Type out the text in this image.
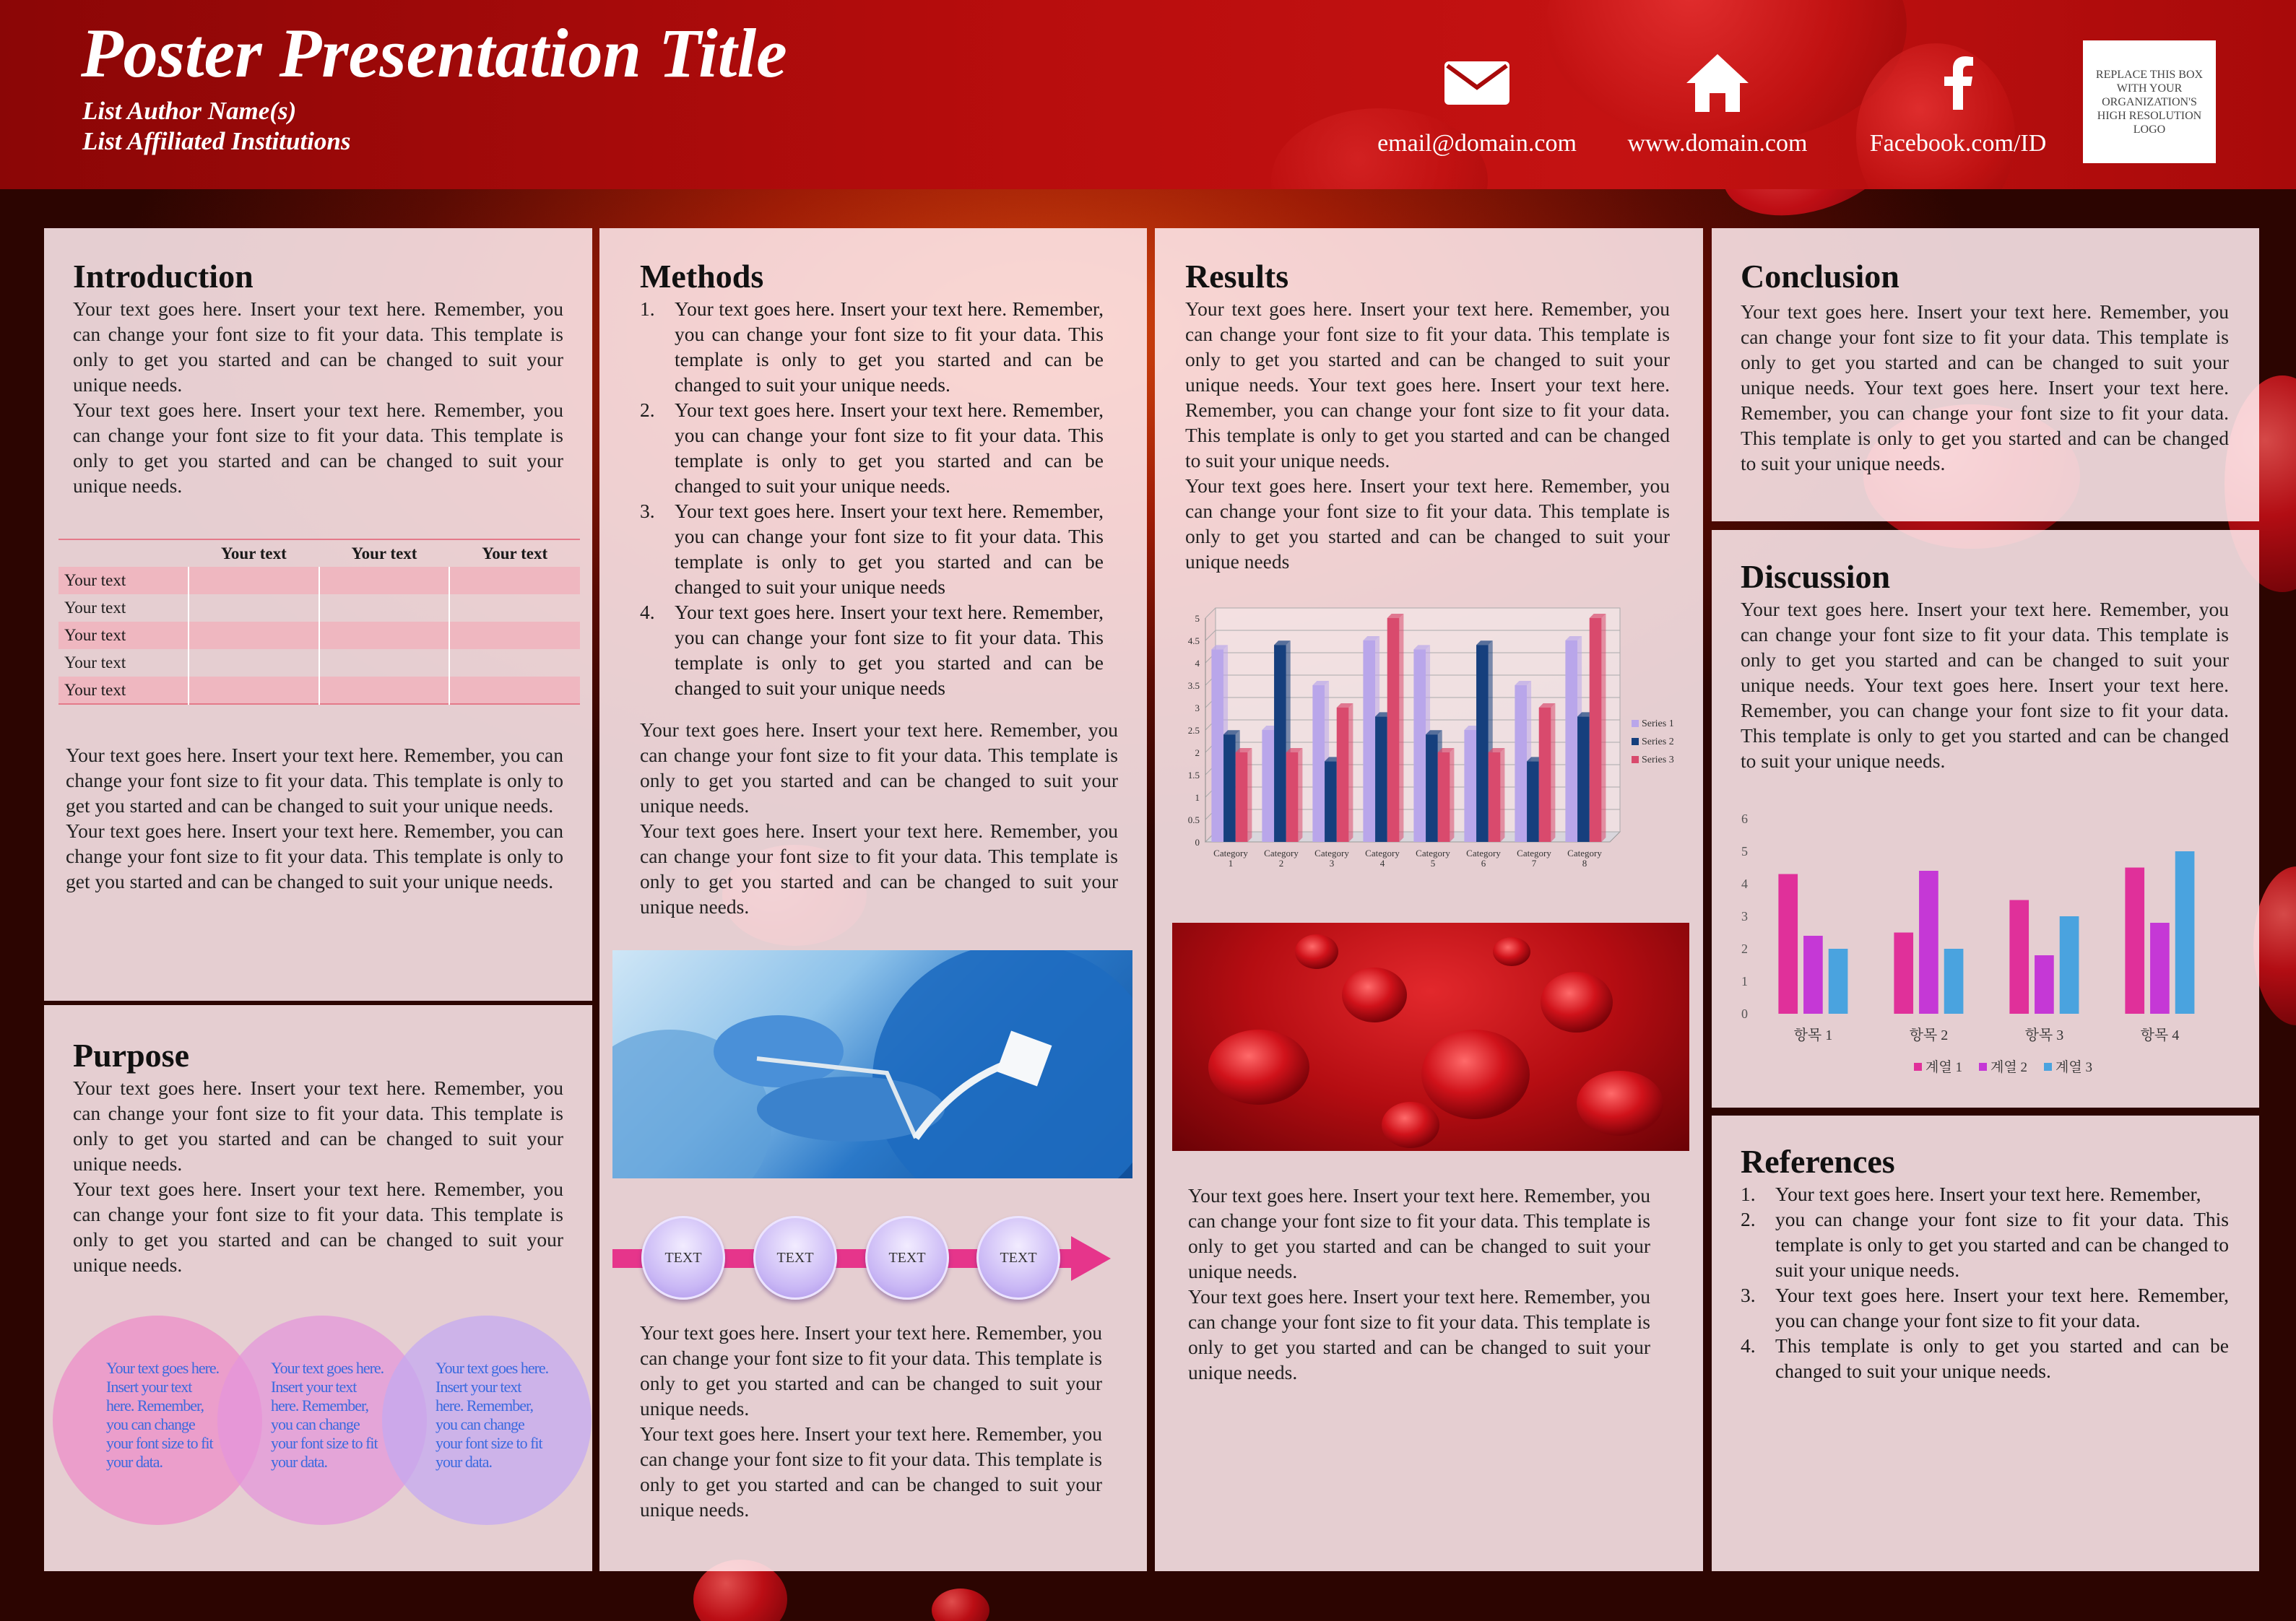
Poster Presentation Title
List Author Name(s)
List Affiliated Institutions	email@domain.com	www.domain.com	Facebook.com/ID
REPLACE THIS BOX WITH YOUR ORGANIZATION'S HIGH RESOLUTION LOGO
Introduction
Your text goes here. Insert your text here. Remember, you can change your font size to fit your data. This template is only to get you started and can be changed to suit your unique needs.
Your text goes here. Insert your text here. Remember, you can change your font size to fit your data. This template is only to get you started and can be changed to suit your unique needs.
	Your text	Your text	Your text
Your text			
Your text			
Your text			
Your text			
Your text			
Your text goes here. Insert your text here. Remember, you can change your font size to fit your data. This template is only to get you started and can be changed to suit your unique needs.
Your text goes here. Insert your text here. Remember, you can change your font size to fit your data. This template is only to get you started and can be changed to suit your unique needs.
Purpose
Your text goes here. Insert your text here. Remember, you can change your font size to fit your data. This template is only to get you started and can be changed to suit your unique needs.
Your text goes here. Insert your text here. Remember, you can change your font size to fit your data. This template is only to get you started and can be changed to suit your unique needs.
Your text goes here. Insert your text here. Remember, you can change your font size to fit your data.
Your text goes here. Insert your text here. Remember, you can change your font size to fit your data.
Your text goes here. Insert your text here. Remember, you can change your font size to fit your data.
Methods
1. Your text goes here. Insert your text here. Remember, you can change your font size to fit your data. This template is only to get you started and can be changed to suit your unique needs.
2. Your text goes here. Insert your text here. Remember, you can change your font size to fit your data. This template is only to get you started and can be changed to suit your unique needs.
3. Your text goes here. Insert your text here. Remember, you can change your font size to fit your data. This template is only to get you started and can be changed to suit your unique needs
4. Your text goes here. Insert your text here. Remember, you can change your font size to fit your data. This template is only to get you started and can be changed to suit your unique needs
Your text goes here. Insert your text here. Remember, you can change your font size to fit your data. This template is only to get you started and can be changed to suit your unique needs.
Your text goes here. Insert your text here. Remember, you can change your font size to fit your data. This template is only to get you started and can be changed to suit your unique needs.
TEXT	TEXT	TEXT	TEXT
Your text goes here. Insert your text here. Remember, you can change your font size to fit your data. This template is only to get you started and can be changed to suit your unique needs.
Your text goes here. Insert your text here. Remember, you can change your font size to fit your data. This template is only to get you started and can be changed to suit your unique needs.
Results
Your text goes here. Insert your text here. Remember, you can change your font size to fit your data. This template is only to get you started and can be changed to suit your unique needs. Your text goes here. Insert your text here. Remember, you can change your font size to fit your data. This template is only to get you started and can be changed to suit your unique needs.
Your text goes here. Insert your text here. Remember, you can change your font size to fit your data. This template is only to get you started and can be changed to suit your unique needs
0
0.5
1
1.5
2
2.5
3
3.5
4
4.5
5
Category
1
Category
2
Category
3
Category
4
Category
5
Category
6
Category
7
Category
8
Series 1
Series 2
Series 3
Your text goes here. Insert your text here. Remember, you can change your font size to fit your data. This template is only to get you started and can be changed to suit your unique needs.
Your text goes here. Insert your text here. Remember, you can change your font size to fit your data. This template is only to get you started and can be changed to suit your unique needs.
Conclusion
Your text goes here. Insert your text here. Remember, you can change your font size to fit your data. This template is only to get you started and can be changed to suit your unique needs. Your text goes here. Insert your text here. Remember, you can change your font size to fit your data. This template is only to get you started and can be changed to suit your unique needs.
Discussion
Your text goes here. Insert your text here. Remember, you can change your font size to fit your data. This template is only to get you started and can be changed to suit your unique needs. Your text goes here. Insert your text here. Remember, you can change your font size to fit your data. This template is only to get you started and can be changed to suit your unique needs.
0
1
2
3
4
5
6
항목 1	항목 2	항목 3	항목 4
계열 1 계열 2 계열 3
References
1. Your text goes here. Insert your text here. Remember,
2. you can change your font size to fit your data. This template is only to get you started and can be changed to suit your unique needs.
3. Your text goes here. Insert your text here. Remember, you can change your font size to fit your data.
4. This template is only to get you started and can be changed to suit your unique needs.
